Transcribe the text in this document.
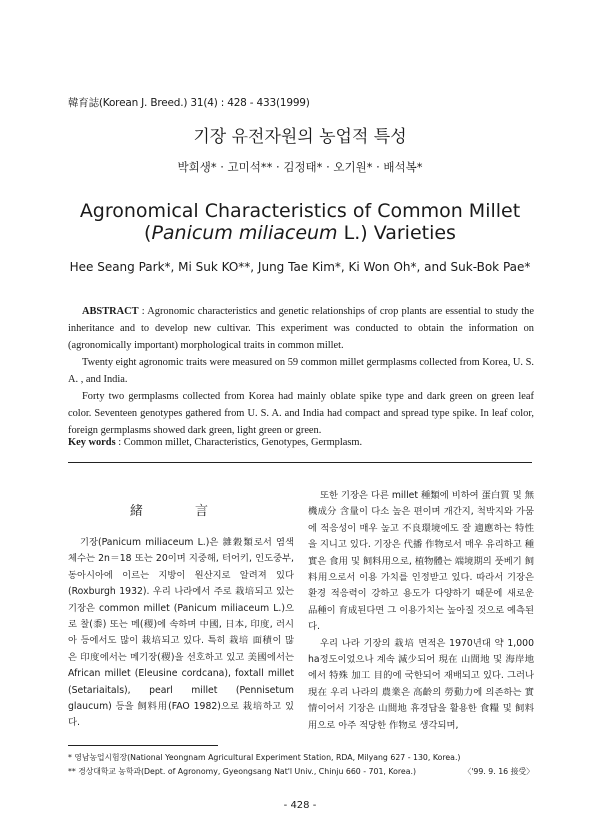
韓育誌(Korean J. Breed.) 31(4) : 428 - 433(1999)
기장 유전자원의 농업적 특성
박희생* · 고미석** · 김정태* · 오기원* · 배석복*
Agronomical Characteristics of Common Millet
(Panicum miliaceum L.) Varieties
Hee Seang Park*, Mi Suk KO**, Jung Tae Kim*, Ki Won Oh*, and Suk-Bok Pae*

ABSTRACT : Agronomic characteristics and genetic relationships of crop plants are essential to study the inheritance and to develop new cultivar. This experiment was conducted to obtain the information on (agronomically important) morphological traits in common millet.

Twenty eight agronomic traits were measured on 59 common millet germplasms collected from Korea, U. S. A. , and India.

Forty two germplasms collected from Korea had mainly oblate spike type and dark green on green leaf color. Seventeen genotypes gathered from U. S. A. and India had compact and spread type spike. In leaf color, foreign germplasms showed dark green, light green or green.

Key words : Common millet, Characteristics, Genotypes, Germplasm.
緒 言

기장(Panicum miliaceum L.)은 雜穀類로서 염색체수는 2n＝18 또는 20이며 지중해, 터어키, 인도중부, 동아시아에 이르는 지방이 원산지로 알려져 있다(Roxburgh 1932). 우리 나라에서 주로 栽培되고 있는 기장은 common millet (Panicum miliaceum L.)으로 찰(黍) 또는 메(稷)에 속하며 中國, 日本, 印度, 러시아 등에서도 많이 栽培되고 있다. 특히 栽培 面積이 많은 印度에서는 메기장(稷)을 선호하고 있고 美國에서는 African millet (Eleusine cordcana), foxtall millet (Setariaitals), pearl millet (Pennisetum glaucum) 등을 飼料用(FAO 1982)으로 栽培하고 있다.

또한 기장은 다른 millet 種類에 비하여 蛋白質 및 無機成分 含量이 다소 높은 편이며 개간지, 척박지와 가뭄에 적응성이 매우 높고 不良環境에도 잘 適應하는 特性을 지니고 있다. 기장은 代播 作物로서 매우 유리하고 種實은 食用 및 飼料用으로, 植物體는 端境期의 풋베기 飼料用으로서 이용 가치를 인정받고 있다. 따라서 기장은 환경 적응력이 강하고 용도가 다양하기 때문에 새로운 品種이 育成된다면 그 이용가치는 높아질 것으로 예측된다.

우리 나라 기장의 栽培 면적은 1970년대 약 1,000 ha정도이었으나 계속 減少되어 現在 山間地 및 海岸地에서 特殊 加工 目的에 국한되어 재배되고 있다. 그러나 現在 우리 나라의 農業은 高齡의 勞動力에 의존하는 實情이어서 기장은 山間地 휴경답을 활용한 食糧 및 飼料用으로 아주 적당한 作物로 생각되며,

* 영남농업시험장(National Yeongnam Agricultural Experiment Station, RDA, Milyang 627 - 130, Korea.)
** 경상대학교 농학과(Dept. of Agronomy, Gyeongsang Nat'l Univ., Chinju 660 - 701, Korea.)	〈'99. 9. 16 接受〉
- 428 -
